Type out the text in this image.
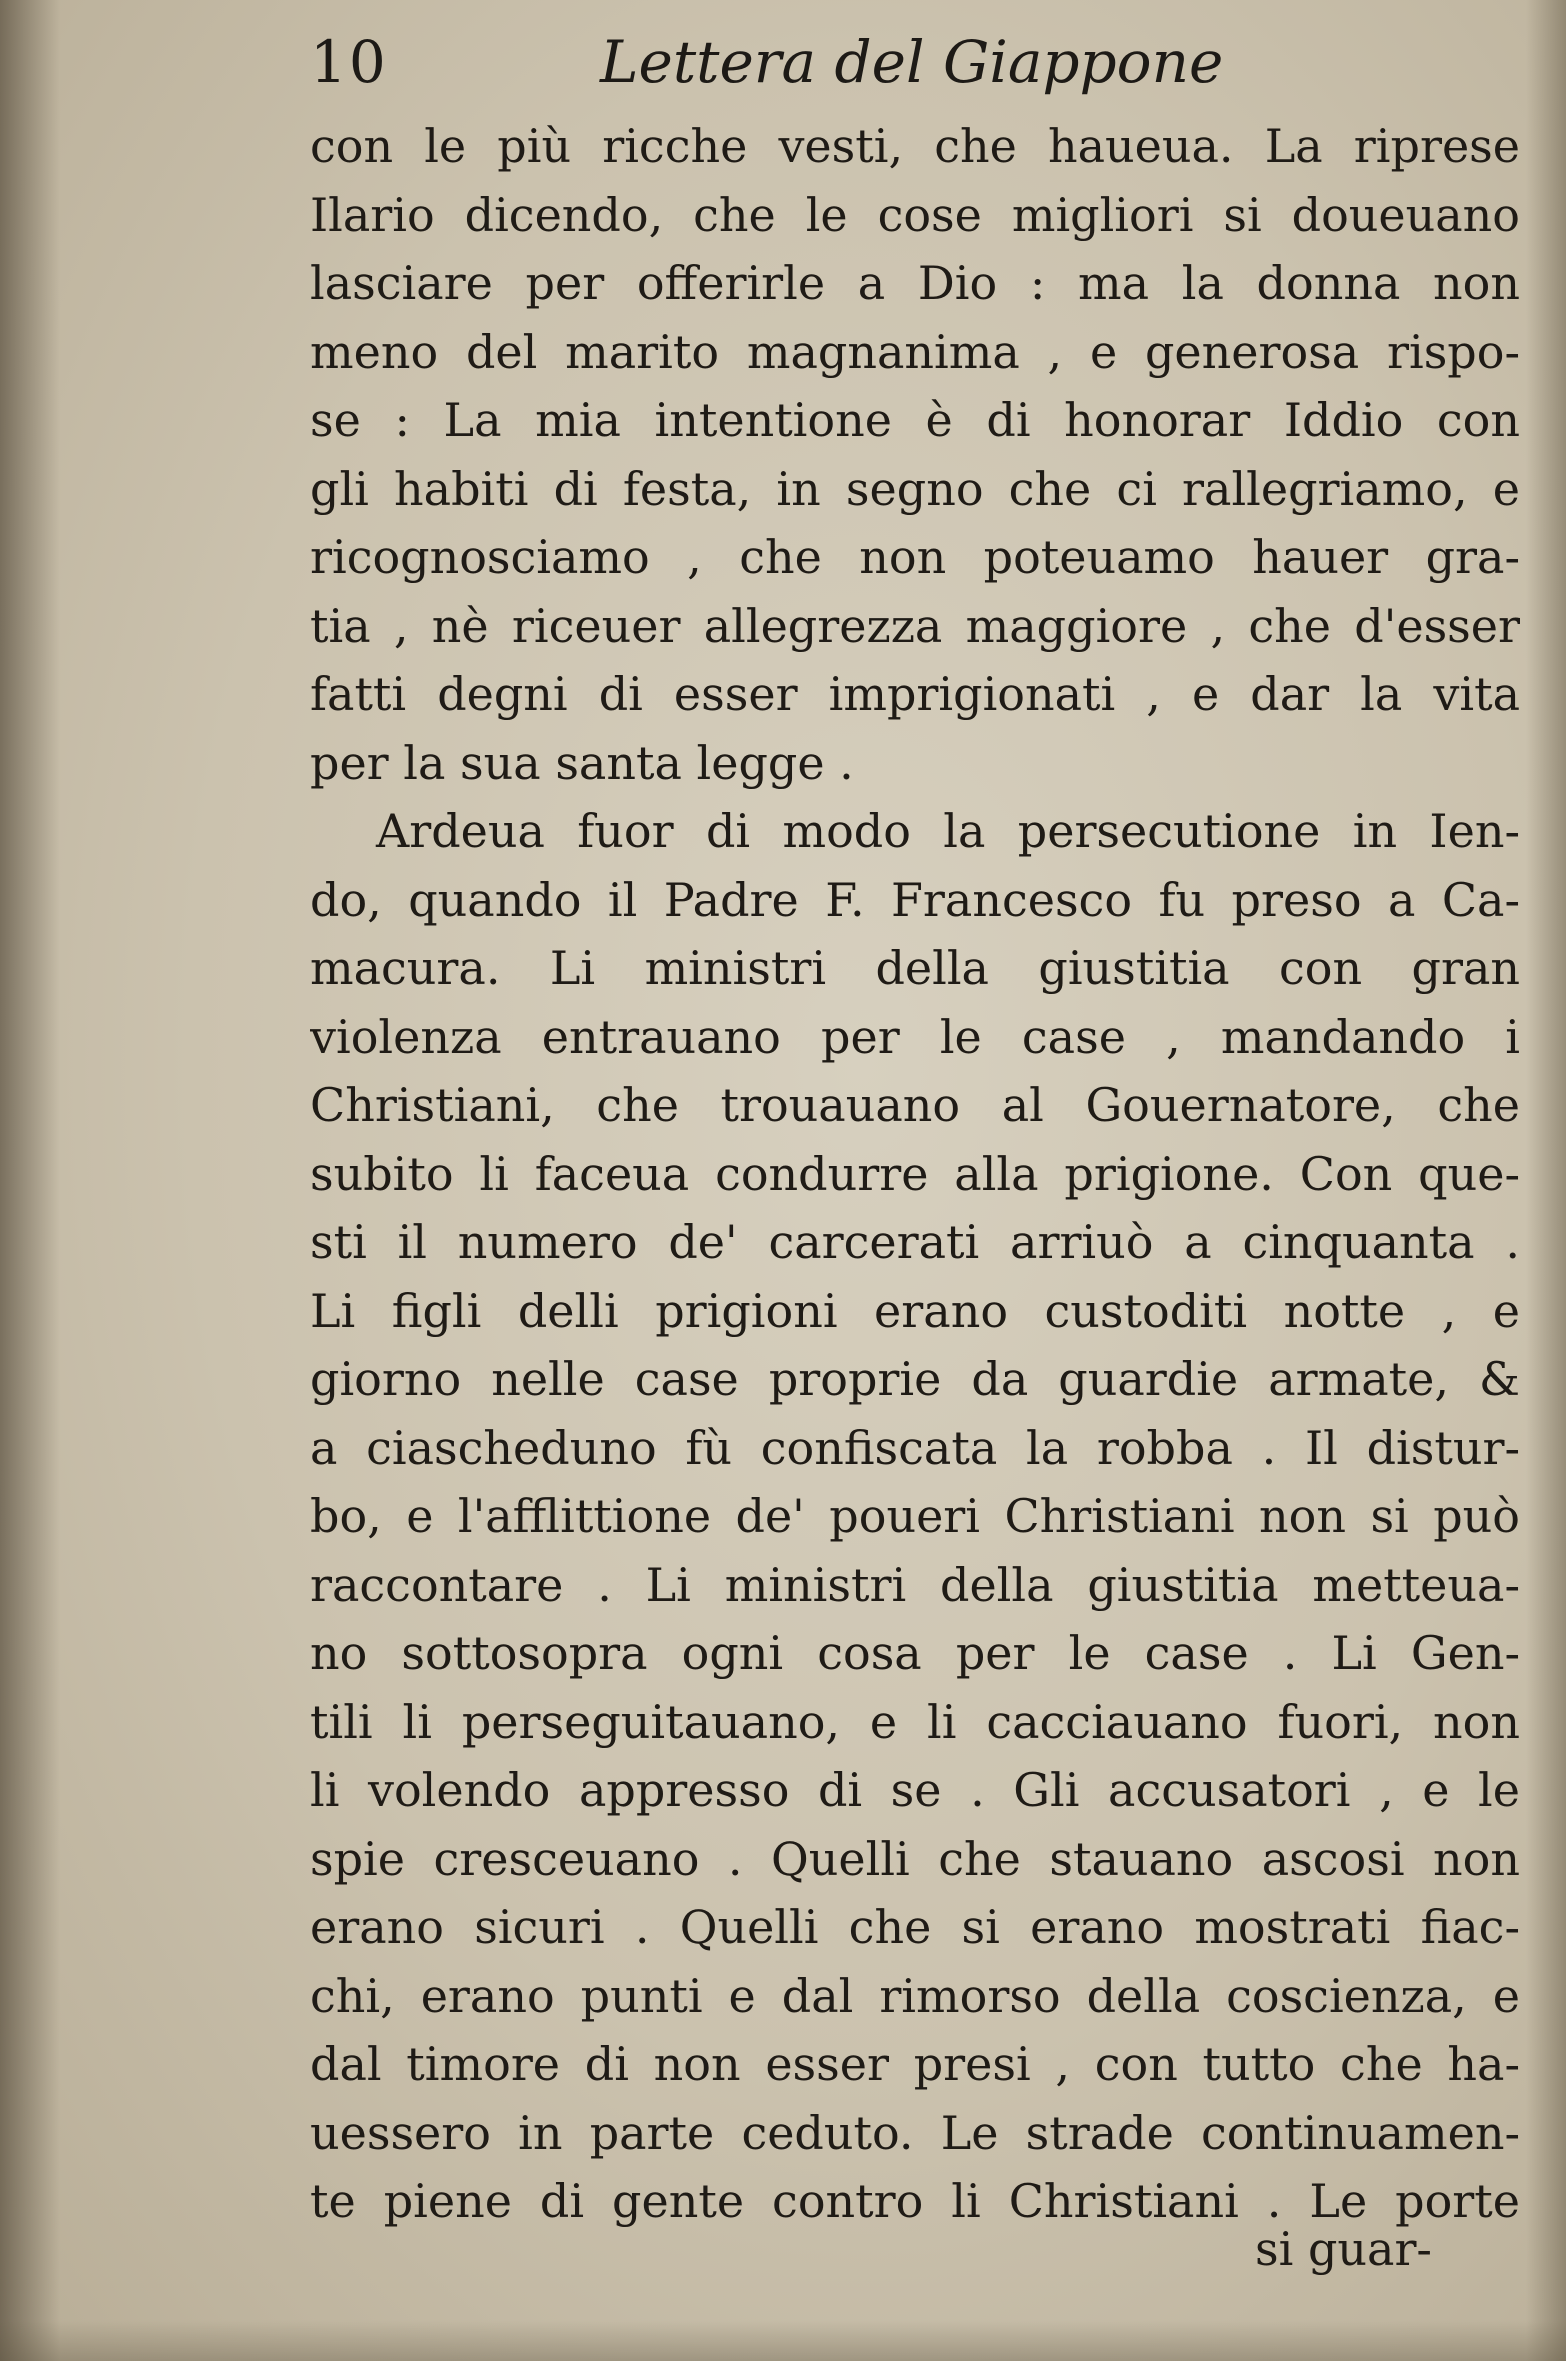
10	Lettera del Giappone
con le più ricche vesti, che haueua. La riprese
Ilario dicendo, che le cose migliori si doueuano
lasciare per offerirle a Dio : ma la donna non
meno del marito magnanima , e generosa rispo-
se : La mia intentione è di honorar Iddio con
gli habiti di festa, in segno che ci rallegriamo, e
ricognosciamo , che non poteuamo hauer gra-
tia , nè riceuer allegrezza maggiore , che d'esser
fatti degni di esser imprigionati , e dar la vita
per la sua santa legge .
Ardeua fuor di modo la persecutione in Ien-
do, quando il Padre F. Francesco fu preso a Ca-
macura. Li ministri della giustitia con gran
violenza entrauano per le case , mandando i
Christiani, che trouauano al Gouernatore, che
subito li faceua condurre alla prigione. Con que-
sti il numero de' carcerati arriuò a cinquanta .
Li figli delli prigioni erano custoditi notte , e
giorno nelle case proprie da guardie armate, &
a ciascheduno fù confiscata la robba . Il distur-
bo, e l'afflittione de' poueri Christiani non si può
raccontare . Li ministri della giustitia metteua-
no sottosopra ogni cosa per le case . Li Gen-
tili li perseguitauano, e li cacciauano fuori, non
li volendo appresso di se . Gli accusatori , e le
spie cresceuano . Quelli che stauano ascosi non
erano sicuri . Quelli che si erano mostrati fiac-
chi, erano punti e dal rimorso della coscienza, e
dal timore di non esser presi , con tutto che ha-
uessero in parte ceduto. Le strade continuamen-
te piene di gente contro li Christiani . Le porte
si guar-
